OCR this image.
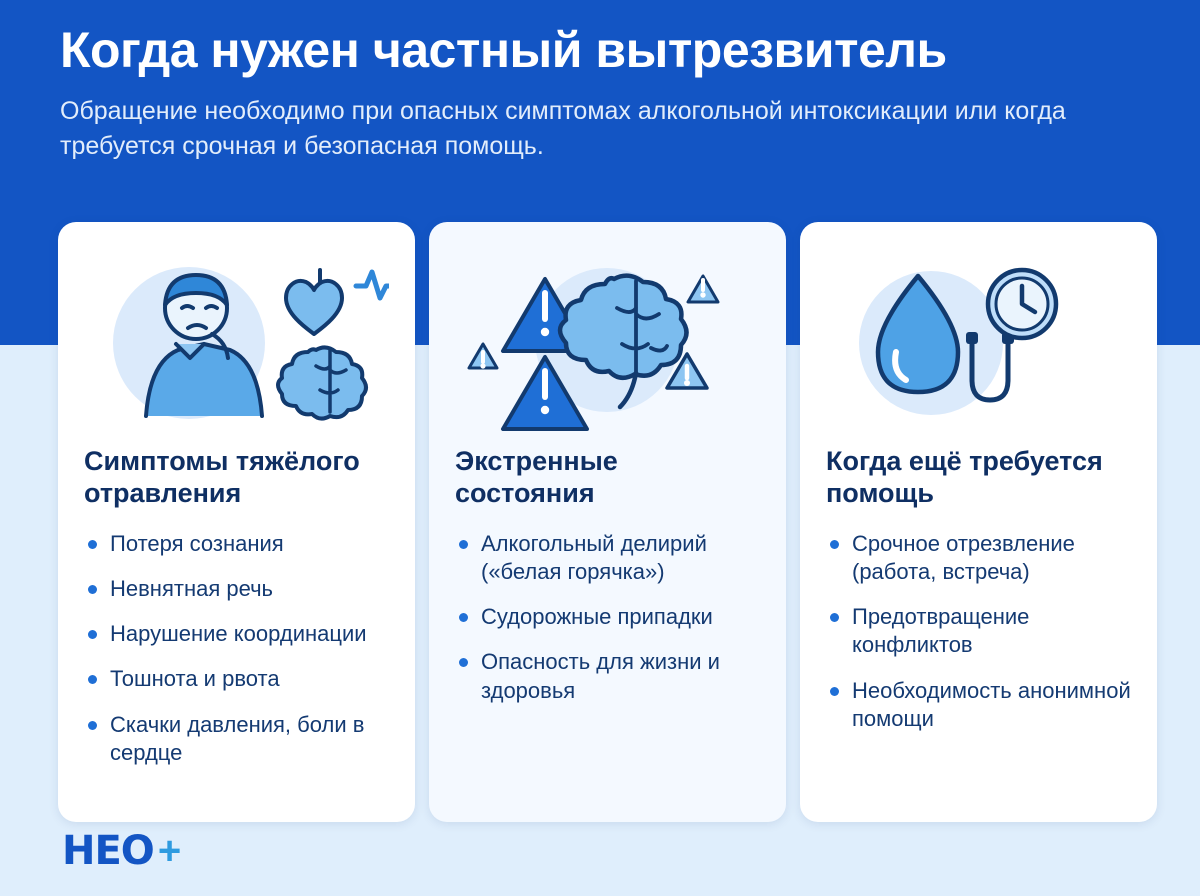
Когда нужен частный вытрезвитель

Обращение необходимо при опасных симптомах алкогольной интоксикации или когда требуется срочная и безопасная помощь.

Симптомы тяжёлого отравления
Потеря сознания
Невнятная речь
Нарушение координации
Тошнота и рвота
Скачки давления, боли в сердце
Экстренные состояния
Алкогольный делирий («белая горячка»)
Судорожные припадки
Опасность для жизни и здоровья
Когда ещё требуется помощь
Срочное отрезвление (работа, встреча)
Предотвращение конфликтов
Необходимость анонимной помощи
НЕО +
